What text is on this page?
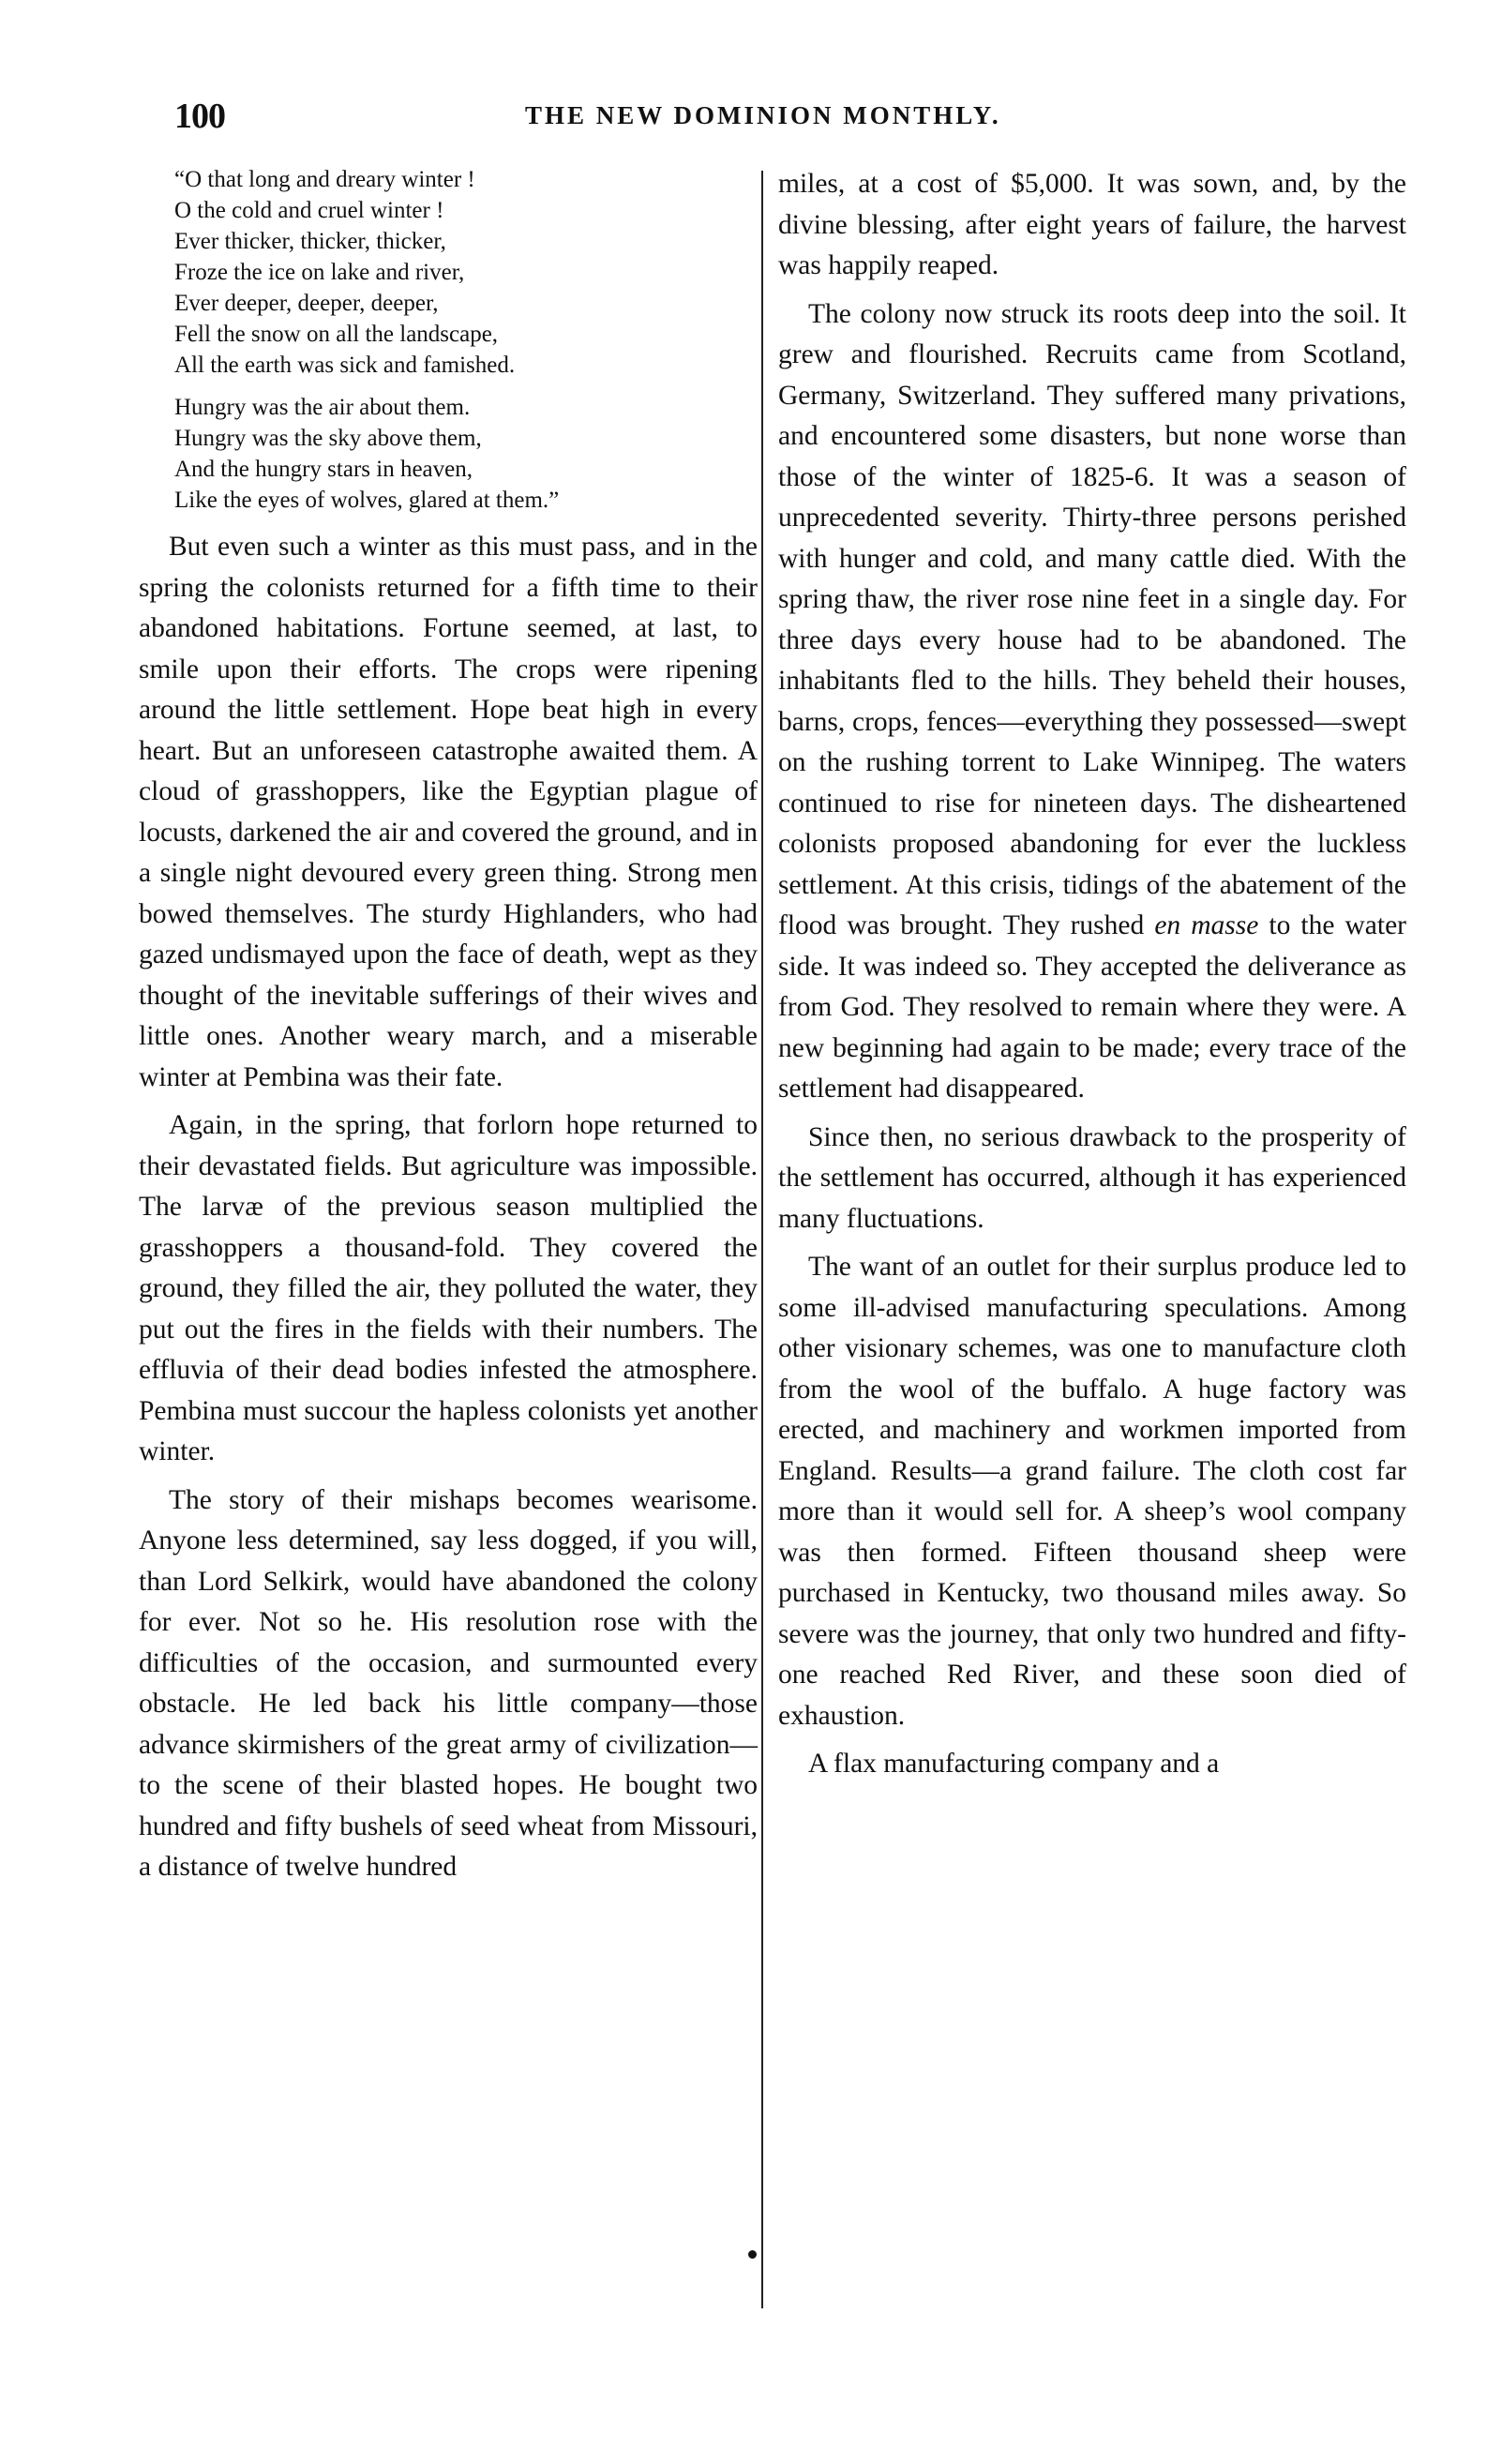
100	THE NEW DOMINION MONTHLY.
“O that long and dreary winter !
O the cold and cruel winter !
Ever thicker, thicker, thicker,
Froze the ice on lake and river,
Ever deeper, deeper, deeper,
Fell the snow on all the landscape,
All the earth was sick and famished.
Hungry was the air about them.
Hungry was the sky above them,
And the hungry stars in heaven,
Like the eyes of wolves, glared at them.”

But even such a winter as this must pass, and in the spring the colonists returned for a fifth time to their abandoned habitations. Fortune seemed, at last, to smile upon their efforts. The crops were ripening around the little settlement. Hope beat high in every heart. But an unforeseen catastrophe awaited them. A cloud of grasshoppers, like the Egyptian plague of locusts, darkened the air and covered the ground, and in a single night devoured every green thing. Strong men bowed themselves. The sturdy Highlanders, who had gazed undismayed upon the face of death, wept as they thought of the inevitable sufferings of their wives and little ones. Another weary march, and a miserable winter at Pembina was their fate.

Again, in the spring, that forlorn hope returned to their devastated fields. But agriculture was impossible. The larvæ of the previous season multiplied the grasshoppers a thousand-fold. They covered the ground, they filled the air, they polluted the water, they put out the fires in the fields with their numbers. The effluvia of their dead bodies infested the atmosphere. Pembina must succour the hapless colonists yet another winter.

The story of their mishaps becomes wearisome. Anyone less determined, say less dogged, if you will, than Lord Selkirk, would have abandoned the colony for ever. Not so he. His resolution rose with the difficulties of the occasion, and surmounted every obstacle. He led back his little company—those advance skirmishers of the great army of civilization—to the scene of their blasted hopes. He bought two hundred and fifty bushels of seed wheat from Missouri, a distance of twelve hundred

miles, at a cost of $5,000. It was sown, and, by the divine blessing, after eight years of failure, the harvest was happily reaped.

The colony now struck its roots deep into the soil. It grew and flourished. Recruits came from Scotland, Germany, Switzerland. They suffered many privations, and encountered some disasters, but none worse than those of the winter of 1825-6. It was a season of unprecedented severity. Thirty-three persons perished with hunger and cold, and many cattle died. With the spring thaw, the river rose nine feet in a single day. For three days every house had to be abandoned. The inhabitants fled to the hills. They beheld their houses, barns, crops, fences—everything they possessed—swept on the rushing torrent to Lake Winnipeg. The waters continued to rise for nineteen days. The disheartened colonists proposed abandoning for ever the luckless settlement. At this crisis, tidings of the abatement of the flood was brought. They rushed en masse to the water side. It was indeed so. They accepted the deliverance as from God. They resolved to remain where they were. A new beginning had again to be made; every trace of the settlement had disappeared.

Since then, no serious drawback to the prosperity of the settlement has occurred, although it has experienced many fluctuations.

The want of an outlet for their surplus produce led to some ill-advised manufacturing speculations. Among other visionary schemes, was one to manufacture cloth from the wool of the buffalo. A huge factory was erected, and machinery and workmen imported from England. Results—a grand failure. The cloth cost far more than it would sell for. A sheep’s wool company was then formed. Fifteen thousand sheep were purchased in Kentucky, two thousand miles away. So severe was the journey, that only two hundred and fifty-one reached Red River, and these soon died of exhaustion.

A flax manufacturing company and a
